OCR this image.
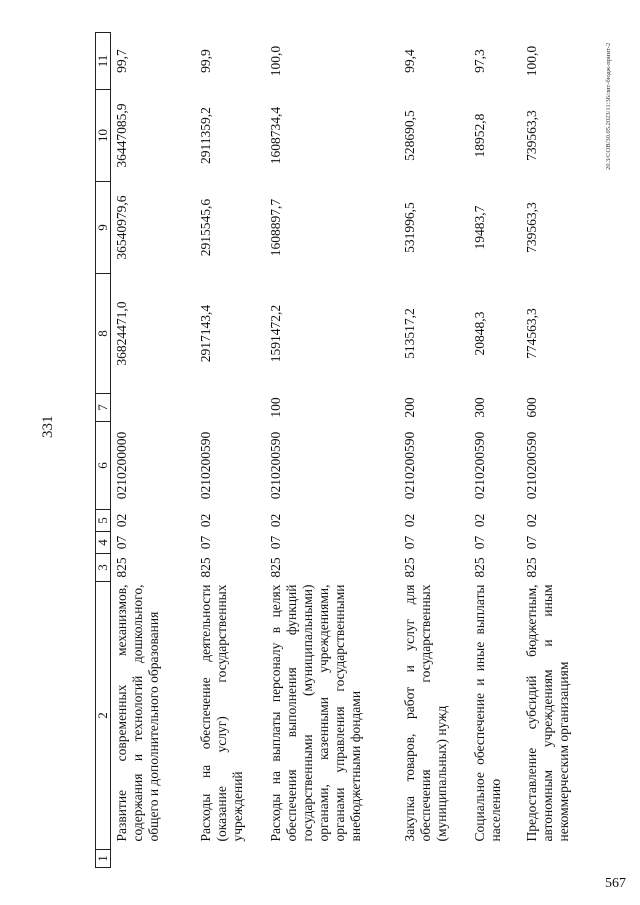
331
20.3/СОВ/30.05.2023/11:36/лит-бюдж-принт-2
1	2	3	4	5	6	7	8	9	10	11
	Развитие современных механизмов, содержания и технологий дошкольного, общего и дополнительного образования	825	07	02	0210200000		36824471,0	36540979,6	36447085,9	99,7
	Расходы на обеспечение деятельности (оказание услуг) государственных учреждений	825	07	02	0210200590		2917143,4	2915545,6	2911359,2	99,9
	Расходы на выплаты персоналу в целях обеспечения выполнения функций государственными (муниципальными) органами, казенными учреждениями, органами управления государственными внебюджетными фондами	825	07	02	0210200590	100	1591472,2	1608897,7	1608734,4	100,0
	Закупка товаров, работ и услуг для обеспечения государственных (муниципальных) нужд	825	07	02	0210200590	200	513517,2	531996,5	528690,5	99,4
	Социальное обеспечение и иные выплаты населению	825	07	02	0210200590	300	20848,3	19483,7	18952,8	97,3
	Предоставление субсидий бюджетным, автономным учреждениям и иным некоммерческим организациям	825	07	02	0210200590	600	774563,3	739563,3	739563,3	100,0
567
